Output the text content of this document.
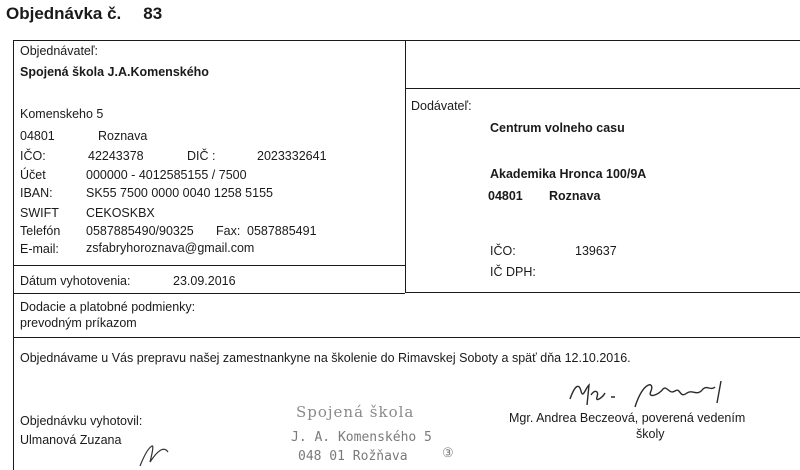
Objednávka č. 83
Objednávateľ:
Spojená škola J.A.Komenského
Komenskeho 5
04801	Roznava
IČO:	42243378	DIČ :	2023332641
Účet	000000 - 4012585155 / 7500
IBAN:	SK55 7500 0000 0040 1258 5155
SWIFT CEKOSKBX
Telefón 0587885490/90325 Fax: 0587885491
E-mail: zsfabryhoroznava@gmail.com
Dátum vyhotovenia:	23.09.2016
Dodávateľ:
Centrum volneho casu
Akademika Hronca 100/9A
04801 Roznava
IČO:	139637
IČ DPH:
Dodacie a platobné podmienky:
prevodným príkazom
Objednávame u Vás prepravu našej zamestnankyne na školenie do Rimavskej Soboty a späť dňa 12.10.2016.
Objednávku vyhotovil:
Ulmanová Zuzana
Spojená škola
J. A. Komenského 5
048 01 Rožňava	③
Mgr. Andrea Beczeová, poverená vedením
školy
